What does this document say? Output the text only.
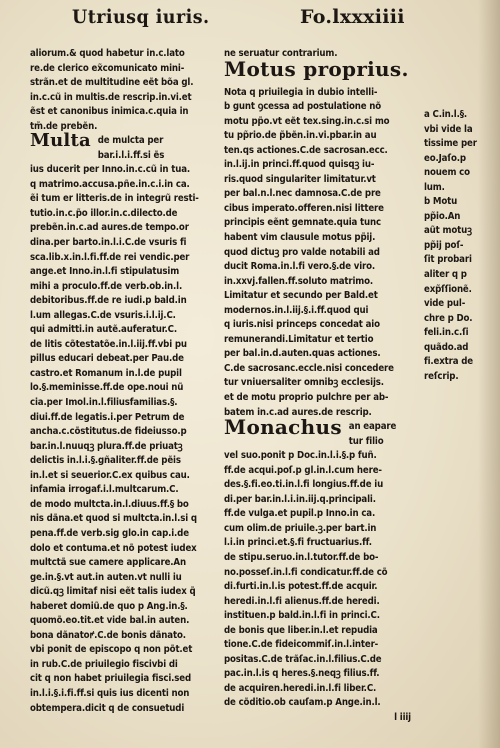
Utriusq iuris.	Fo.lxxxiiii
aliorum.& quod habetur in.c.lato
re.de clerico ex̃comunicato mini-
strãn.et de multitudine eẽt bõa gl.
in.c.cũ in multis.de rescrip.in.vi.et
ẽst et canonibus inimica.c.quia in
tm̃.de prebẽn.
Multa de mulcta per
bar.i.l.i.ff.si ẽs
ius ducerit per Inno.in.c.cũ in tua.
q matrimo.accusa.pñe.in.c.i.in ca.
ẽi tum er litteris.de in integrũ resti-
tutio.in.c.p̃o illor.in.c.dilecto.de
prebẽn.in.c.ad aures.de tempo.or
dina.per barto.in.l.i.C.de vsuris fi
sca.lib.x.in.l.fi.ff.de rei vendic.per
ange.et Inno.in.l.fi stipulatusim
mihi a proculo.ff.de verb.ob.in.l.
debitoribus.ff.de re iudi.p bald.in
l.um allegas.C.de vsuris.i.l.ij.C.
qui admitti.in autẽ.auferatur.C.
de litis cõtestatõe.in.l.iij.ff.vbi pu
pillus educari debeat.per Pau.de
castro.et Romanum in.l.de pupil
lo.§.meminisse.ff.de ope.noui nũ
cia.per Imol.in.l.filiusfamilias.§.
diui.ff.de legatis.i.per Petrum de
ancha.c.cõstitutus.de fideiusso.p
bar.in.l.nuuqꝫ plura.ff.de priuatꝫ
delictis in.l.i.§.gñaliter.ff.de pẽis
in.l.et si seuerior.C.ex quibus cau.
infamia irrogaf.i.l.multcarum.C.
de modo multcta.in.l.diuus.ff.§ bo
nis dãna.et quod si multcta.in.l.si q
pena.ff.de verb.sig glo.in cap.i.de
dolo et contuma.et nõ potest iudex
multctã sue camere applicare.An
ge.in.§.vt aut.in auten.vt nulli iu
dicũ.qꝫ limitaf nisi eẽt talis iudex q̃
haberet domiũ.de quo p Ang.in.§.
quomõ.eo.tit.et vide bal.in auten.
bona dãnatoꝵ.C.de bonis dãnato.
vbi ponit de episcopo q non põt.et
in rub.C.de priuilegio fiscivbi di
cit q non habet priuilegia fisci.sed
in.l.i.§.i.fi.ff.si quis ius dicenti non
obtempera.dicit q de consuetudi
ne seruatur contrarium.
Motus proprius.
Nota q priuilegia in dubio intelli-
b gunt ꝯcessa ad postulatione nõ
motu pp̃o.vt eẽt tex.sing.in.c.si mo
tu pp̃rio.de p̃bẽn.in.vi.pbar.in au
ten.qs actiones.C.de sacrosan.ecc.
in.l.ij.in princi.ff.quod quisqꝫ iu-
ris.quod singulariter limitatur.vt
per bal.n.l.nec damnosa.C.de pre
cibus imperato.offeren.nisi littere
principis eẽnt gemnate.quia tunc
habent vim clausule motus pp̃ij.
quod dictuꝫ pro valde notabili ad
ducit Roma.in.l.fi vero.§.de viro.
in.xxvj.fallen.ff.soluto matrimo.
Limitatur et secundo per Bald.et
modernos.in.l.iij.§.i.ff.quod qui
q iuris.nisi princeps concedat aio
remunerandi.Limitatur et tertio
per bal.in.d.auten.quas actiones.
C.de sacrosanc.eccle.nisi concedere
tur vniuersaliter omnibꝫ ecclesijs.
et de motu proprio pulchre per ab-
batem in.c.ad aures.de rescrip.
Monachus an eapare
tur filio
vel suo.ponit p Doc.in.l.i.§.p fuñ.
ff.de acqui.poſ.p gl.in.l.cum here-
des.§.fi.eo.ti.in.l.fi longius.ff.de iu
di.per bar.in.l.i.in.iij.q.principali.
ff.de vulga.et pupil.p Inno.in ca.
cum olim.de priuile.ꝫ.per bart.in
l.i.in princi.et.§.fi fructuarius.ff.
de stipu.seruo.in.l.tutor.ff.de bo-
no.posseſ.in.l.fi condicatur.ff.de cõ
di.furti.in.l.is potest.ff.de acquir.
heredi.in.l.fi alienus.ff.de heredi.
instituen.p bald.in.l.fi in princi.C.
de bonis que liber.in.l.et repudia
tione.C.de fideicommiſ.in.l.inter-
positas.C.de trãſac.in.l.filius.C.de
pac.in.l.is q heres.§.neqꝫ filius.ff.
de acquiren.heredi.in.l.fi liber.C.
de cõditio.ob cauſam.p Ange.in.l.
l iiij
a C.in.l.§.
vbi vide la
tissime per
eo.Jaſo.p
nouem co
lum.
b Motu
pp̃io.An
aũt motuꝫ
pp̃ij poſ-
ſit probari
aliter q p
exp̃ſſionẽ.
vide pul-
chre p Do.
feli.in.c.ſi
quãdo.ad
fi.extra de
reſcrip.
